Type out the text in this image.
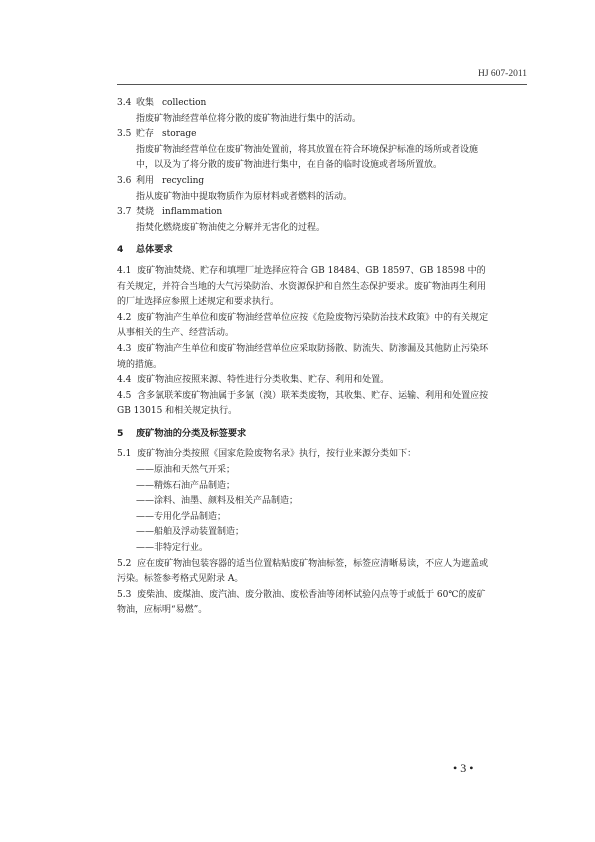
HJ 607-2011
3.4 收集 collection
指废矿物油经营单位将分散的废矿物油进行集中的活动。
3.5 贮存 storage
指废矿物油经营单位在废矿物油处置前，将其放置在符合环境保护标准的场所或者设施中，以及为了将分散的废矿物油进行集中，在自备的临时设施或者场所置放。
3.6 利用 recycling
指从废矿物油中提取物质作为原材料或者燃料的活动。
3.7 焚烧 inflammation
指焚化燃烧废矿物油使之分解并无害化的过程。
4	总体要求
4.1 废矿物油焚烧、贮存和填埋厂址选择应符合 GB 18484、GB 18597、GB 18598 中的有关规定，并符合当地的大气污染防治、水资源保护和自然生态保护要求。废矿物油再生利用的厂址选择应参照上述规定和要求执行。
4.2 废矿物油产生单位和废矿物油经营单位应按《危险废物污染防治技术政策》中的有关规定从事相关的生产、经营活动。
4.3 废矿物油产生单位和废矿物油经营单位应采取防扬散、防流失、防渗漏及其他防止污染环境的措施。
4.4 废矿物油应按照来源、特性进行分类收集、贮存、利用和处置。
4.5 含多氯联苯废矿物油属于多氯（溴）联苯类废物，其收集、贮存、运输、利用和处置应按 GB 13015 和相关规定执行。
5	废矿物油的分类及标签要求
5.1 废矿物油分类按照《国家危险废物名录》执行，按行业来源分类如下：
——原油和天然气开采；
——精炼石油产品制造；
——涂料、油墨、颜料及相关产品制造；
——专用化学品制造；
——船舶及浮动装置制造；
——非特定行业。
5.2 应在废矿物油包装容器的适当位置粘贴废矿物油标签，标签应清晰易读，不应人为遮盖或污染。标签参考格式见附录 A。
5.3 废柴油、废煤油、废汽油、废分散油、废松香油等闭杯试验闪点等于或低于 60℃的废矿物油，应标明“易燃”。
• 3 •
